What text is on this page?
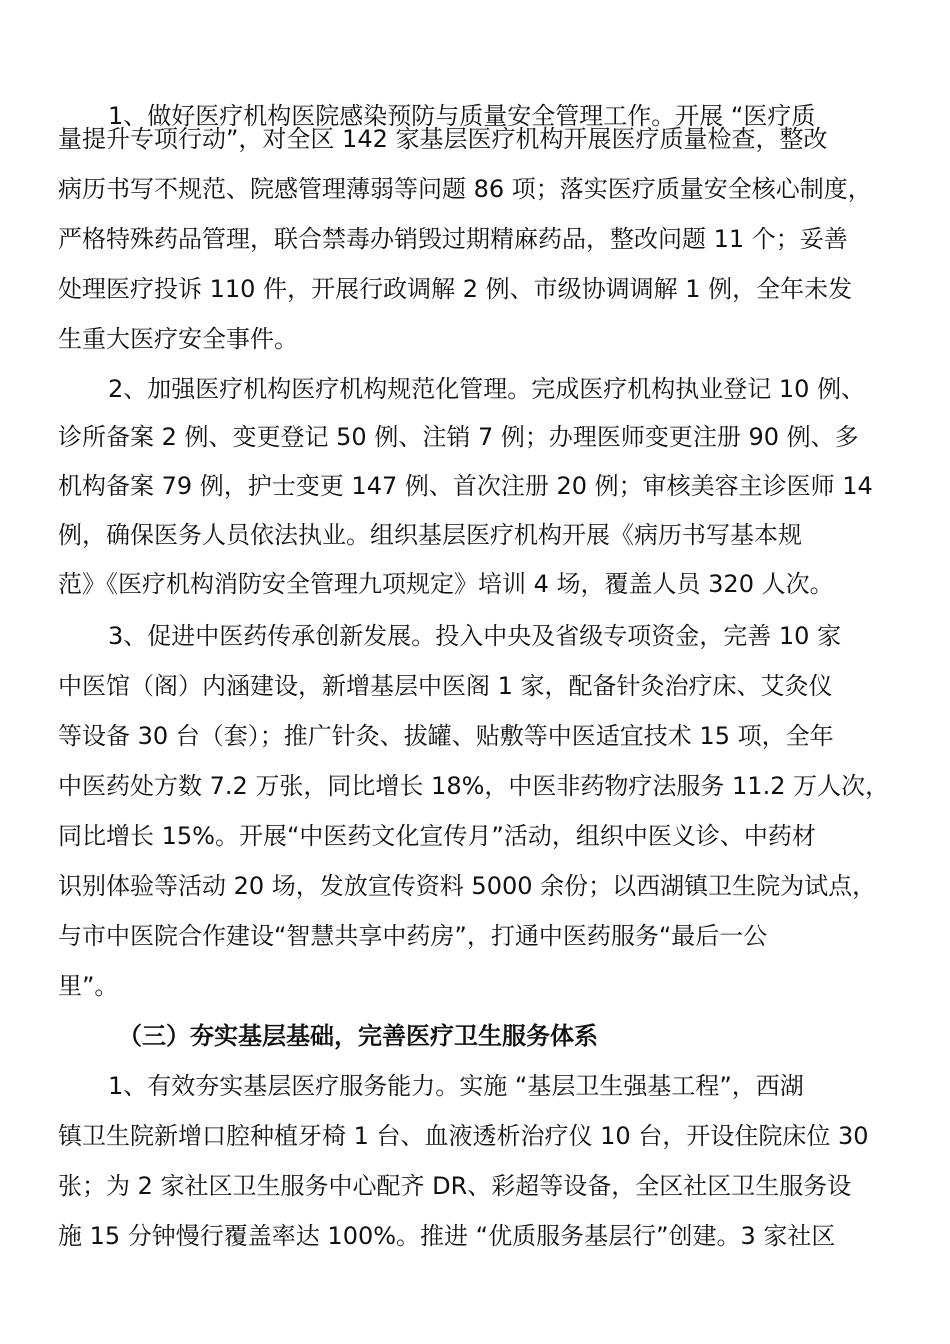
1、做好医疗机构医院感染预防与质量安全管理工作。开展 “医疗质
量提升专项行动”，对全区 142 家基层医疗机构开展医疗质量检查，整改
病历书写不规范、院感管理薄弱等问题 86 项；落实医疗质量安全核心制度，
严格特殊药品管理，联合禁毒办销毁过期精麻药品，整改问题 11 个；妥善
处理医疗投诉 110 件，开展行政调解 2 例、市级协调调解 1 例，全年未发
生重大医疗安全事件。
2、加强医疗机构医疗机构规范化管理。完成医疗机构执业登记 10 例、
诊所备案 2 例、变更登记 50 例、注销 7 例；办理医师变更注册 90 例、多
机构备案 79 例，护士变更 147 例、首次注册 20 例；审核美容主诊医师 14
例，确保医务人员依法执业。组织基层医疗机构开展《病历书写基本规
范》《医疗机构消防安全管理九项规定》培训 4 场，覆盖人员 320 人次。
3、促进中医药传承创新发展。投入中央及省级专项资金，完善 10 家
中医馆（阁）内涵建设，新增基层中医阁 1 家，配备针灸治疗床、艾灸仪
等设备 30 台（套）；推广针灸、拔罐、贴敷等中医适宜技术 15 项，全年
中医药处方数 7.2 万张，同比增长 18%，中医非药物疗法服务 11.2 万人次，
同比增长 15%。开展“中医药文化宣传月”活动，组织中医义诊、中药材
识别体验等活动 20 场，发放宣传资料 5000 余份；以西湖镇卫生院为试点，
与市中医院合作建设“智慧共享中药房”，打通中医药服务“最后一公
里”。
（三）夯实基层基础，完善医疗卫生服务体系
1、有效夯实基层医疗服务能力。实施 “基层卫生强基工程”，西湖
镇卫生院新增口腔种植牙椅 1 台、血液透析治疗仪 10 台，开设住院床位 30
张；为 2 家社区卫生服务中心配齐 DR、彩超等设备，全区社区卫生服务设
施 15 分钟慢行覆盖率达 100%。推进 “优质服务基层行”创建。3 家社区
